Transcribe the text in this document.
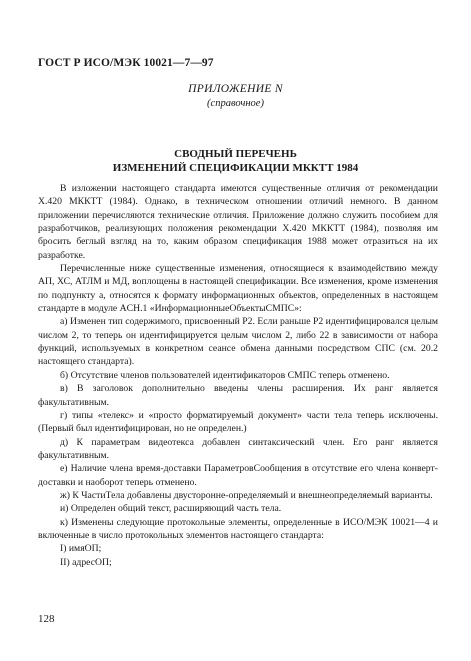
ГОСТ Р ИСО/МЭК 10021—7—97
ПРИЛОЖЕНИЕ N
(справочное)
СВОДНЫЙ ПЕРЕЧЕНЬ
ИЗМЕНЕНИЙ СПЕЦИФИКАЦИИ МККТТ 1984

В изложении настоящего стандарта имеются существенные отличия от рекомендации Х.420 МККТТ (1984). Однако, в техническом отношении отличий немного. В данном приложении перечисляются технические отличия. Приложение должно служить пособием для разработчиков, реализующих положения рекомендации Х.420 МККТТ (1984), позволяя им бросить беглый взгляд на то, каким образом спецификация 1988 может отразиться на их разработке.

Перечисленные ниже существенные изменения, относящиеся к взаимодействию между АП, ХС, АТЛМ и МД, воплощены в настоящей спецификации. Все изменения, кроме изменения по подпункту а, относятся к форматy информационных объектов, определенных в настоящем стандарте в модуле ACH.1 «ИнформационныеОбъектыСМПС»:

а) Изменен тип содержимого, присвоенный Р2. Если раньше Р2 идентифицировался целым числом 2, то теперь он идентифицируется целым числом 2, либо 22 в зависимости от набора функций, используемых в конкретном сеансе обмена данными посредством СПС (см. 20.2 настоящего стандарта).

б) Отсутствие членов пользователей идентификаторов СМПС теперь отменено.

в) В заголовок дополнительно введены члены расширения. Их ранг является факультативным.

г) типы «телекс» и «просто форматируемый документ» части тела теперь исключены. (Первый был идентифицирован, но не определен.)

д) К параметрам видеотекса добавлен синтаксический член. Его ранг является факультативным.

е) Наличие члена время-доставки ПараметровСообщения в отсутствие его члена конверт-доставки и наоборот теперь отменено.

ж) К ЧастиТела добавлены двусторонне-определяемый и внешнеопределяемый варианты.

и) Определен общий текст, расширяющий часть тела.

к) Изменены следующие протокольные элементы, определенные в ИСО/МЭК 10021—4 и включенные в число протокольных элементов настоящего стандарта:

I) имяОП;

II) адресОП;

128
